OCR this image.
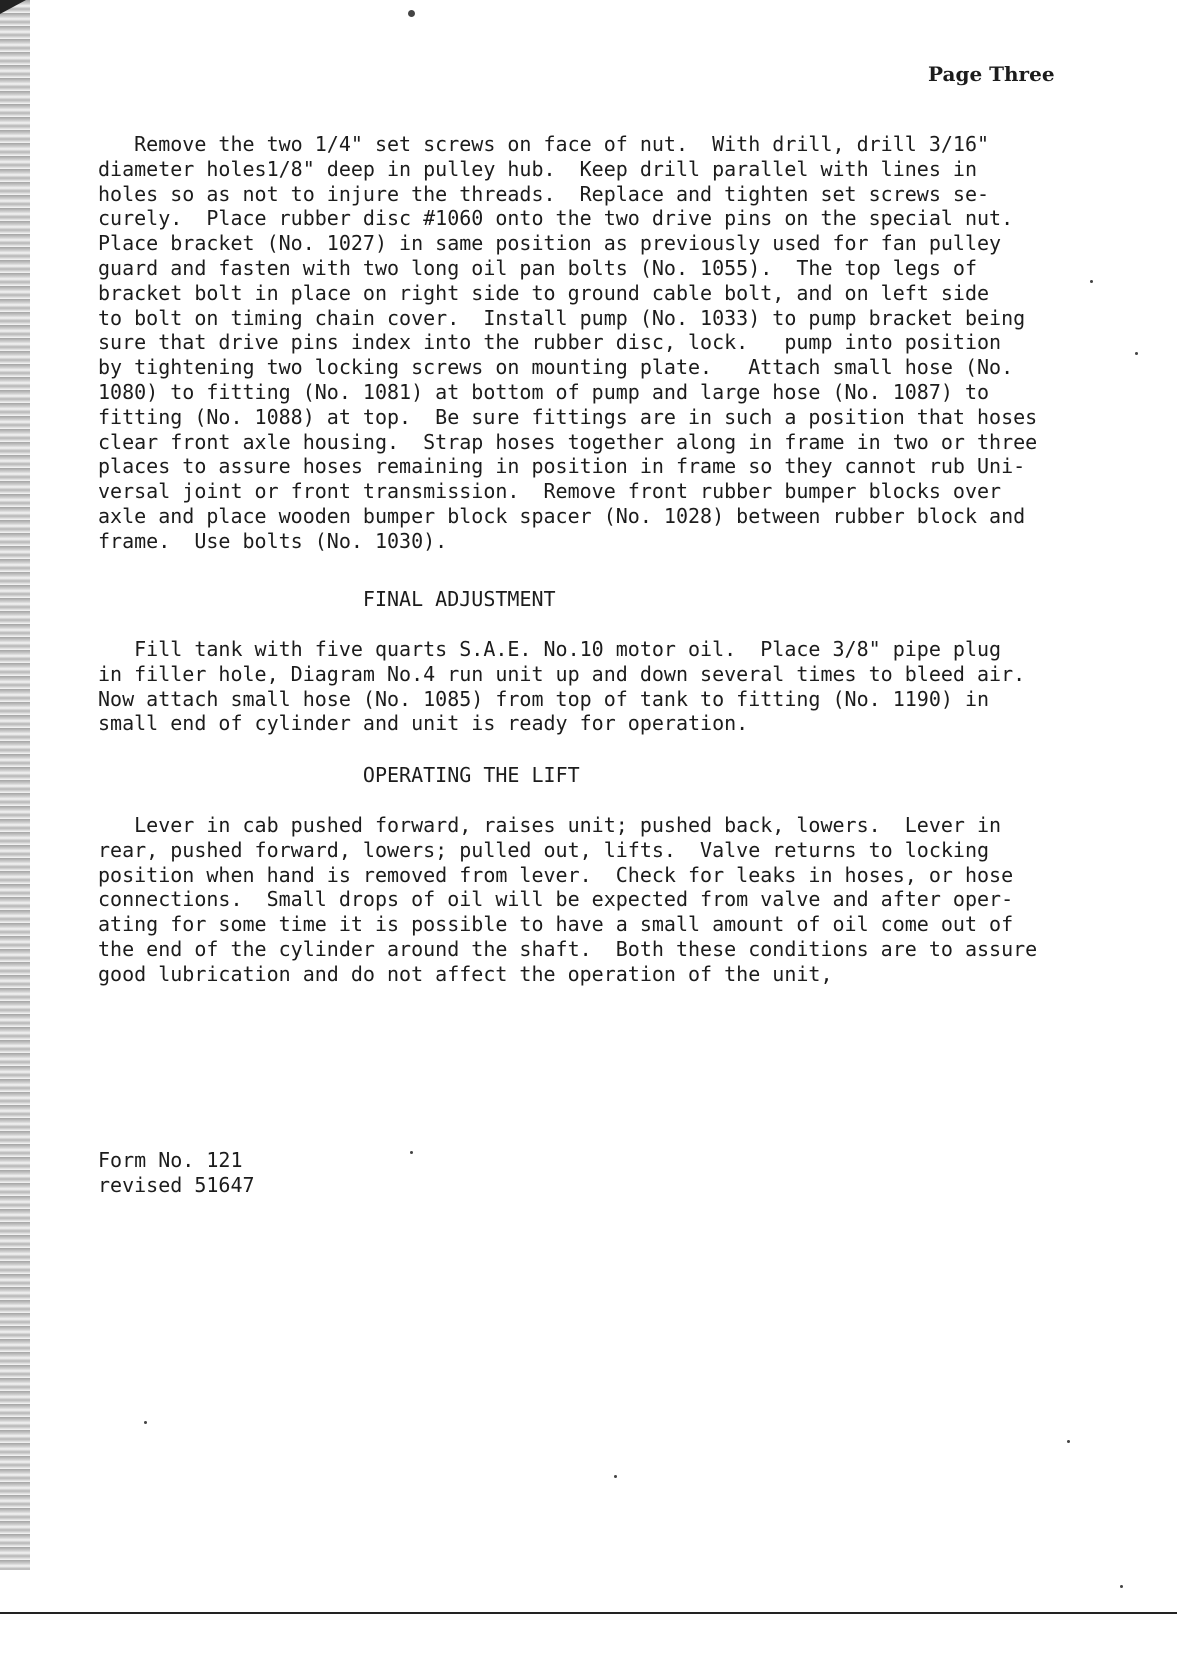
Page Three
Remove the two 1/4" set screws on face of nut.  With drill, drill 3/16"
diameter holes1/8" deep in pulley hub.  Keep drill parallel with lines in
holes so as not to injure the threads.  Replace and tighten set screws se-
curely.  Place rubber disc #1060 onto the two drive pins on the special nut.
Place bracket (No. 1027) in same position as previously used for fan pulley
guard and fasten with two long oil pan bolts (No. 1055).  The top legs of
bracket bolt in place on right side to ground cable bolt, and on left side
to bolt on timing chain cover.  Install pump (No. 1033) to pump bracket being
sure that drive pins index into the rubber disc, lock.   pump into position
by tightening two locking screws on mounting plate.   Attach small hose (No.
1080) to fitting (No. 1081) at bottom of pump and large hose (No. 1087) to
fitting (No. 1088) at top.  Be sure fittings are in such a position that hoses
clear front axle housing.  Strap hoses together along in frame in two or three
places to assure hoses remaining in position in frame so they cannot rub Uni-
versal joint or front transmission.  Remove front rubber bumper blocks over
axle and place wooden bumper block spacer (No. 1028) between rubber block and
frame.  Use bolts (No. 1030).
FINAL ADJUSTMENT
Fill tank with five quarts S.A.E. No.10 motor oil.  Place 3/8" pipe plug
in filler hole, Diagram No.4 run unit up and down several times to bleed air.
Now attach small hose (No. 1085) from top of tank to fitting (No. 1190) in
small end of cylinder and unit is ready for operation.
OPERATING THE LIFT
Lever in cab pushed forward, raises unit; pushed back, lowers.  Lever in
rear, pushed forward, lowers; pulled out, lifts.  Valve returns to locking
position when hand is removed from lever.  Check for leaks in hoses, or hose
connections.  Small drops of oil will be expected from valve and after oper-
ating for some time it is possible to have a small amount of oil come out of
the end of the cylinder around the shaft.  Both these conditions are to assure
good lubrication and do not affect the operation of the unit,
Form No. 121
revised 51647
